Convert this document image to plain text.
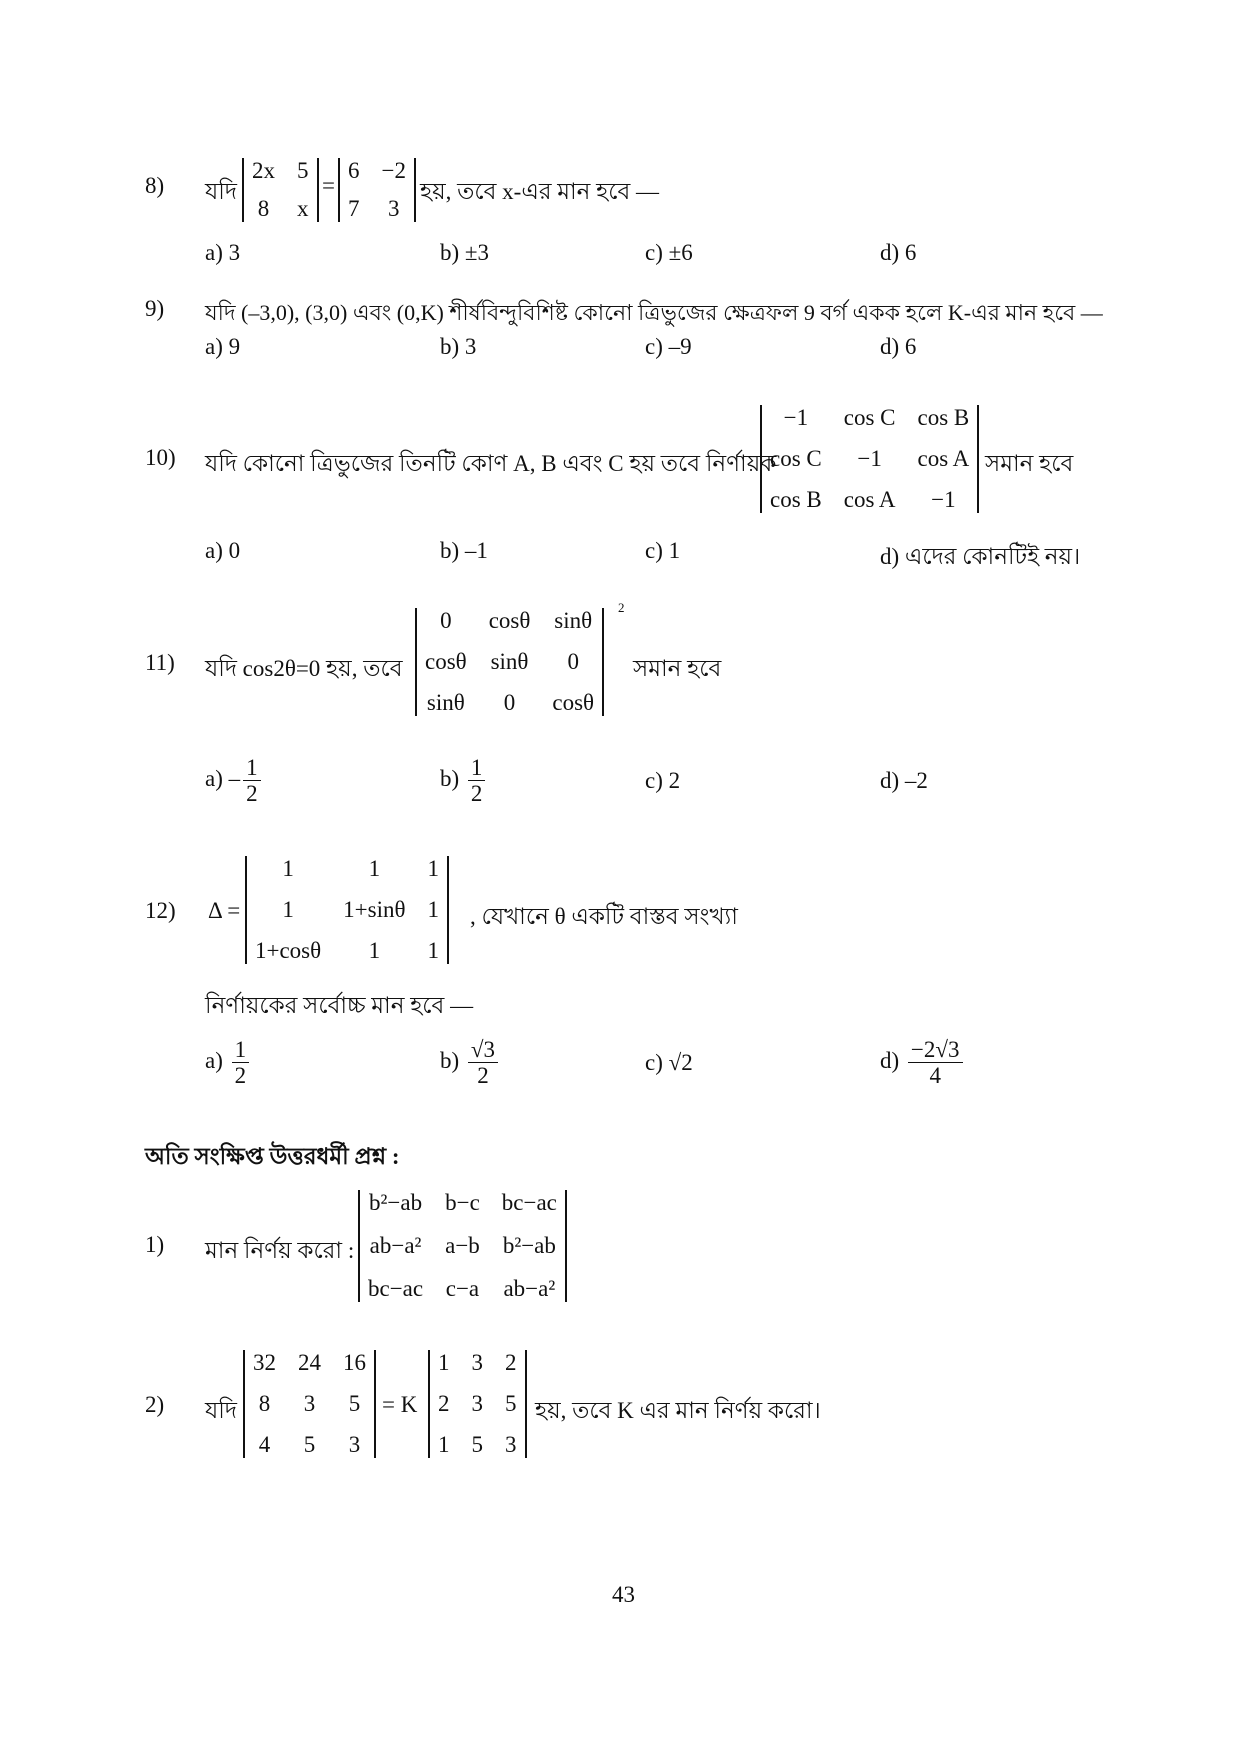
8)	যদি
2x 5
8 x
=
6 −2
7 3
হয়, তবে x-এর মান হবে —
a) 3	b) ±3	c) ±6	d) 6
9)	যদি (–3,0), (3,0) এবং (0,K) শীর্ষবিন্দুবিশিষ্ট কোনো ত্রিভুজের ক্ষেত্রফল 9 বর্গ একক হলে K-এর মান হবে —
a) 9	b) 3	c) –9	d) 6
10)	যদি কোনো ত্রিভুজের তিনটি কোণ A, B এবং C হয় তবে নির্ণায়ক
−1	cos C cos B
cos C	−1	cos A
cos B cos A	−1
সমান হবে
a) 0	b) –1	c) 1	d) এদের কোনটিই নয়।
11)	যদি cos2θ=0 হয়, তবে
0	cosθ sinθ
cosθ sinθ	0
sinθ	0	cosθ
2
সমান হবে
$a) - \frac{1}{2}$	$b) \frac{1}{2}$	c) 2	d) –2
12)	Δ =
1	1	1
1	1+sinθ 1
1+cosθ	1	1
, যেখানে θ একটি বাস্তব সংখ্যা
নির্ণায়কের সর্বোচ্চ মান হবে —
$a) \frac{1}{2}$	$b) \frac{√3}{2}$	c) √2	$d) \frac{-2√3}{4}$
অতি সংক্ষিপ্ত উত্তরধর্মী প্রশ্ন :
1)	মান নির্ণয় করো :
b²−ab b−c bc−ac
ab−a² a−b b²−ab
bc−ac c−a ab−a²
2)	যদি
32 24 16
8 3 5
4 5 3
= K
1 3 2
2 3 5
1 5 3
হয়, তবে K এর মান নির্ণয় করো।
43
